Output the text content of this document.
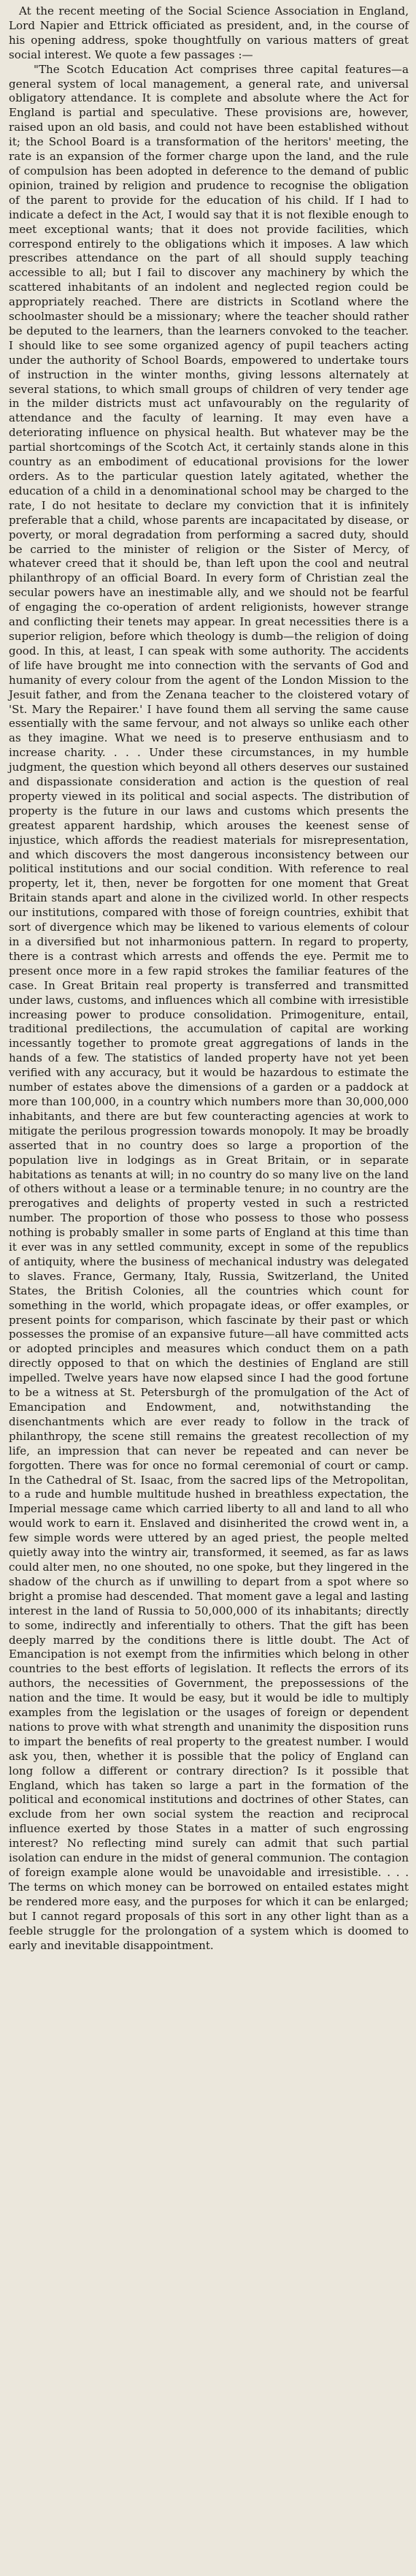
At the recent meeting of the Social Science Association in England, Lord Napier and Ettrick officiated as president, and, in the course of his opening address, spoke thoughtfully on various matters of great social interest. We quote a few passages :—

"The Scotch Education Act comprises three capital features—a general system of local management, a general rate, and universal obligatory attendance. It is complete and absolute where the Act for England is partial and speculative. These provisions are, however, raised upon an old basis, and could not have been established without it; the School Board is a transformation of the heritors' meeting, the rate is an expansion of the former charge upon the land, and the rule of compulsion has been adopted in deference to the demand of public opinion, trained by religion and prudence to recognise the obligation of the parent to provide for the education of his child. If I had to indicate a defect in the Act, I would say that it is not flexible enough to meet exceptional wants; that it does not provide facilities, which correspond entirely to the obligations which it imposes. A law which prescribes attendance on the part of all should supply teaching accessible to all; but I fail to discover any machinery by which the scattered inhabitants of an indolent and neglected region could be appropriately reached. There are districts in Scotland where the schoolmaster should be a missionary; where the teacher should rather be deputed to the learners, than the learners convoked to the teacher. I should like to see some organized agency of pupil teachers acting under the authority of School Boards, empowered to undertake tours of instruction in the winter months, giving lessons alternately at several stations, to which small groups of children of very tender age in the milder districts must act unfavourably on the regularity of attendance and the faculty of learning. It may even have a deteriorating influence on physical health. But whatever may be the partial shortcomings of the Scotch Act, it certainly stands alone in this country as an embodiment of educational provisions for the lower orders. As to the particular question lately agitated, whether the education of a child in a denominational school may be charged to the rate, I do not hesitate to declare my conviction that it is infinitely preferable that a child, whose parents are incapacitated by disease, or poverty, or moral degradation from performing a sacred duty, should be carried to the minister of religion or the Sister of Mercy, of whatever creed that it should be, than left upon the cool and neutral philanthropy of an official Board. In every form of Christian zeal the secular powers have an inestimable ally, and we should not be fearful of engaging the co-operation of ardent religionists, however strange and conflicting their tenets may appear. In great necessities there is a superior religion, before which theology is dumb—the religion of doing good. In this, at least, I can speak with some authority. The accidents of life have brought me into connection with the servants of God and humanity of every colour from the agent of the London Mission to the Jesuit father, and from the Zenana teacher to the cloistered votary of 'St. Mary the Repairer.' I have found them all serving the same cause essentially with the same fervour, and not always so unlike each other as they imagine. What we need is to preserve enthusiasm and to increase charity. . . . Under these circumstances, in my humble judgment, the question which beyond all others deserves our sustained and dispassionate consideration and action is the question of real property viewed in its political and social aspects. The distribution of property is the future in our laws and customs which presents the greatest apparent hardship, which arouses the keenest sense of injustice, which affords the readiest materials for misrepresentation, and which discovers the most dangerous inconsistency between our political institutions and our social condition. With reference to real property, let it, then, never be forgotten for one moment that Great Britain stands apart and alone in the civilized world. In other respects our institutions, compared with those of foreign countries, exhibit that sort of divergence which may be likened to various elements of colour in a diversified but not inharmonious pattern. In regard to property, there is a contrast which arrests and offends the eye. Permit me to present once more in a few rapid strokes the familiar features of the case. In Great Britain real property is transferred and transmitted under laws, customs, and influences which all combine with irresistible increasing power to produce consolidation. Primogeniture, entail, traditional predilections, the accumulation of capital are working incessantly together to promote great aggregations of lands in the hands of a few. The statistics of landed property have not yet been verified with any accuracy, but it would be hazardous to estimate the number of estates above the dimensions of a garden or a paddock at more than 100,000, in a country which numbers more than 30,000,000 inhabitants, and there are but few counteracting agencies at work to mitigate the perilous progression towards monopoly. It may be broadly asserted that in no country does so large a proportion of the population live in lodgings as in Great Britain, or in separate habitations as tenants at will; in no country do so many live on the land of others without a lease or a terminable tenure; in no country are the prerogatives and delights of property vested in such a restricted number. The proportion of those who possess to those who possess nothing is probably smaller in some parts of England at this time than it ever was in any settled community, except in some of the republics of antiquity, where the business of mechanical industry was delegated to slaves. France, Germany, Italy, Russia, Switzerland, the United States, the British Colonies, all the countries which count for something in the world, which propagate ideas, or offer examples, or present points for comparison, which fascinate by their past or which possesses the promise of an expansive future—all have committed acts or adopted principles and measures which conduct them on a path directly opposed to that on which the destinies of England are still impelled. Twelve years have now elapsed since I had the good fortune to be a witness at St. Petersburgh of the promulgation of the Act of Emancipation and Endowment, and, notwithstanding the disenchantments which are ever ready to follow in the track of philanthropy, the scene still remains the greatest recollection of my life, an impression that can never be repeated and can never be forgotten. There was for once no formal ceremonial of court or camp. In the Cathedral of St. Isaac, from the sacred lips of the Metropolitan, to a rude and humble multitude hushed in breathless expectation, the Imperial message came which carried liberty to all and land to all who would work to earn it. Enslaved and disinherited the crowd went in, a few simple words were uttered by an aged priest, the people melted quietly away into the wintry air, transformed, it seemed, as far as laws could alter men, no one shouted, no one spoke, but they lingered in the shadow of the church as if unwilling to depart from a spot where so bright a promise had descended. That moment gave a legal and lasting interest in the land of Russia to 50,000,000 of its inhabitants; directly to some, indirectly and inferentially to others. That the gift has been deeply marred by the conditions there is little doubt. The Act of Emancipation is not exempt from the infirmities which belong in other countries to the best efforts of legislation. It reflects the errors of its authors, the necessities of Government, the prepossessions of the nation and the time. It would be easy, but it would be idle to multiply examples from the legislation or the usages of foreign or dependent nations to prove with what strength and unanimity the disposition runs to impart the benefits of real property to the greatest number. I would ask you, then, whether it is possible that the policy of England can long follow a different or contrary direction? Is it possible that England, which has taken so large a part in the formation of the political and economical institutions and doctrines of other States, can exclude from her own social system the reaction and reciprocal influence exerted by those States in a matter of such engrossing interest? No reflecting mind surely can admit that such partial isolation can endure in the midst of general communion. The contagion of foreign example alone would be unavoidable and irresistible. . . . The terms on which money can be borrowed on entailed estates might be rendered more easy, and the purposes for which it can be enlarged; but I cannot regard proposals of this sort in any other light than as a feeble struggle for the prolongation of a system which is doomed to early and inevitable disappointment.
